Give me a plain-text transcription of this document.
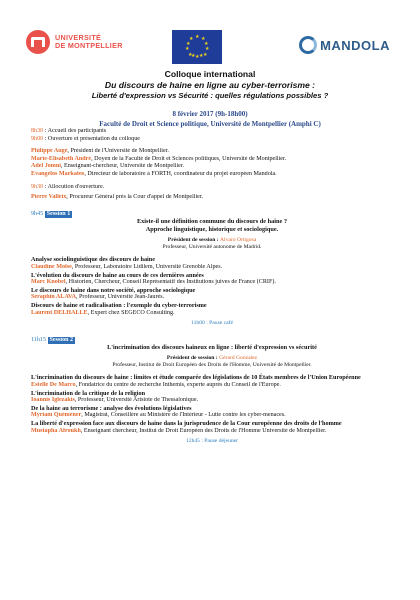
UNIVERSITÉ
DE MONTPELLIER
★ ★
★
★
★
★
★
★
★
★
★
★
MANDOLA
Colloque international
Du discours de haine en ligne au cyber-terrorisme :
Liberté d'expression vs Sécurité : quelles régulations possibles ?
8 février 2017 (9h-18h00)
Faculté de Droit et Science politique, Université de Montpellier (Amphi C)
8h30 : Accueil des participants
9h00 : Ouverture et présentation du colloque
Philippe Augé, Président de l'Université de Montpellier.
Marie-Elisabeth André, Doyen de la Faculté de Droit et Sciences politiques, Université de Montpellier.
Adel Jomni, Enseignant-chercheur, Université de Montpellier.
Evangelos Markatos, Directeur de laboratoire à FORTH, coordinateur du projet européen Mandola.
9h30 : Allocution d'ouverture.
Pierre Valleix, Procureur Général près la Cour d'appel de Montpellier.
9h45 Session 1
Existe-il une définition commune du discours de haine ?
Approche linguistique, historique et sociologique.
Président de session : Alvaro Ortigosa
Professeur, Université autonome de Madrid.
Analyse sociolinguistique des discours de haine
Claudine Moïse, Professeur, Laboratoire Lidilem, Université Grenoble Alpes.
L'évolution du discours de haine au cours de ces dernières années
Marc Knobel, Historien, Chercheur, Conseil Représentatif des Institutions juives de France (CRIF).
Le discours de haine dans notre société, approche sociologique
Séraphin ALAVA, Professeur, Université Jean-Jaurès.
Discours de haine et radicalisation : l'exemple du cyber-terrorisme
Laurent DELHALLE, Expert chez SEGECO Consulting.
11h00 : Pause café
11h15 Session 2
L'incrimination des discours haineux en ligne : liberté d'expression vs sécurité
Président de session : Gérard Gonzalez
Professeur, Institut de Droit Européen des Droits de l'Homme, Université de Montpellier.
L'incrimination du discours de haine : limites et étude comparée des législations de 10 États membres de l'Union Européenne
Estelle De Marco, Fondatrice du centre de recherche Inthemis, experte auprès du Conseil de l'Europe.
L'incrimination de la critique de la religion
Ioannis Iglezakis, Professeur, Université Aristote de Thessalonique.
De la haine au terrorisme : analyse des évolutions législatives
Myriam Quéméner, Magistrat, Conseillère au Ministère de l'Intérieur - Lutte contre les cyber-menaces.
La liberté d'expression face aux discours de haine dans la jurisprudence de la Cour européenne des droits de l'homme
Mustapha Afroukh, Enseignant chercheur, Institut de Droit Européen des Droits de l'Homme Université de Montpellier.
12h45 : Pause déjeuner
